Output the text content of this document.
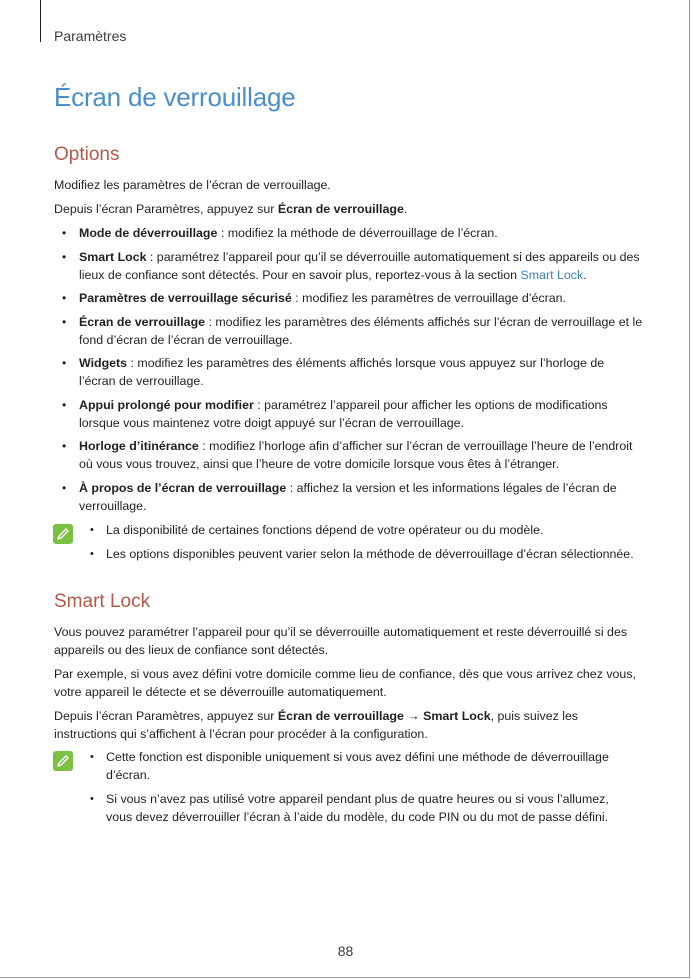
Paramètres
Écran de verrouillage
Options

Modifiez les paramètres de l’écran de verrouillage.

Depuis l’écran Paramètres, appuyez sur Écran de verrouillage.

• Mode de déverrouillage : modifiez la méthode de déverrouillage de l’écran.
• Smart Lock : paramétrez l’appareil pour qu’il se déverrouille automatiquement si des appareils ou des lieux de confiance sont détectés. Pour en savoir plus, reportez-vous à la section Smart Lock.
• Paramètres de verrouillage sécurisé : modifiez les paramètres de verrouillage d’écran.
• Écran de verrouillage : modifiez les paramètres des éléments affichés sur l’écran de verrouillage et le fond d’écran de l’écran de verrouillage.
• Widgets : modifiez les paramètres des éléments affichés lorsque vous appuyez sur l’horloge de l’écran de verrouillage.
• Appui prolongé pour modifier : paramétrez l’appareil pour afficher les options de modifications lorsque vous maintenez votre doigt appuyé sur l’écran de verrouillage.
• Horloge d’itinérance : modifiez l’horloge afin d’afficher sur l’écran de verrouillage l’heure de l’endroit où vous vous trouvez, ainsi que l’heure de votre domicile lorsque vous êtes à l’étranger.
• À propos de l’écran de verrouillage : affichez la version et les informations légales de l’écran de verrouillage.
• La disponibilité de certaines fonctions dépend de votre opérateur ou du modèle.
• Les options disponibles peuvent varier selon la méthode de déverrouillage d’écran sélectionnée.
Smart Lock

Vous pouvez paramétrer l’appareil pour qu’il se déverrouille automatiquement et reste déverrouillé si des appareils ou des lieux de confiance sont détectés.

Par exemple, si vous avez défini votre domicile comme lieu de confiance, dès que vous arrivez chez vous, votre appareil le détecte et se déverrouille automatiquement.

Depuis l’écran Paramètres, appuyez sur Écran de verrouillage → Smart Lock, puis suivez les instructions qui s’affichent à l’écran pour procéder à la configuration.

• Cette fonction est disponible uniquement si vous avez défini une méthode de déverrouillage d’écran.
• Si vous n’avez pas utilisé votre appareil pendant plus de quatre heures ou si vous l’allumez, vous devez déverrouiller l’écran à l’aide du modèle, du code PIN ou du mot de passe défini.
88
